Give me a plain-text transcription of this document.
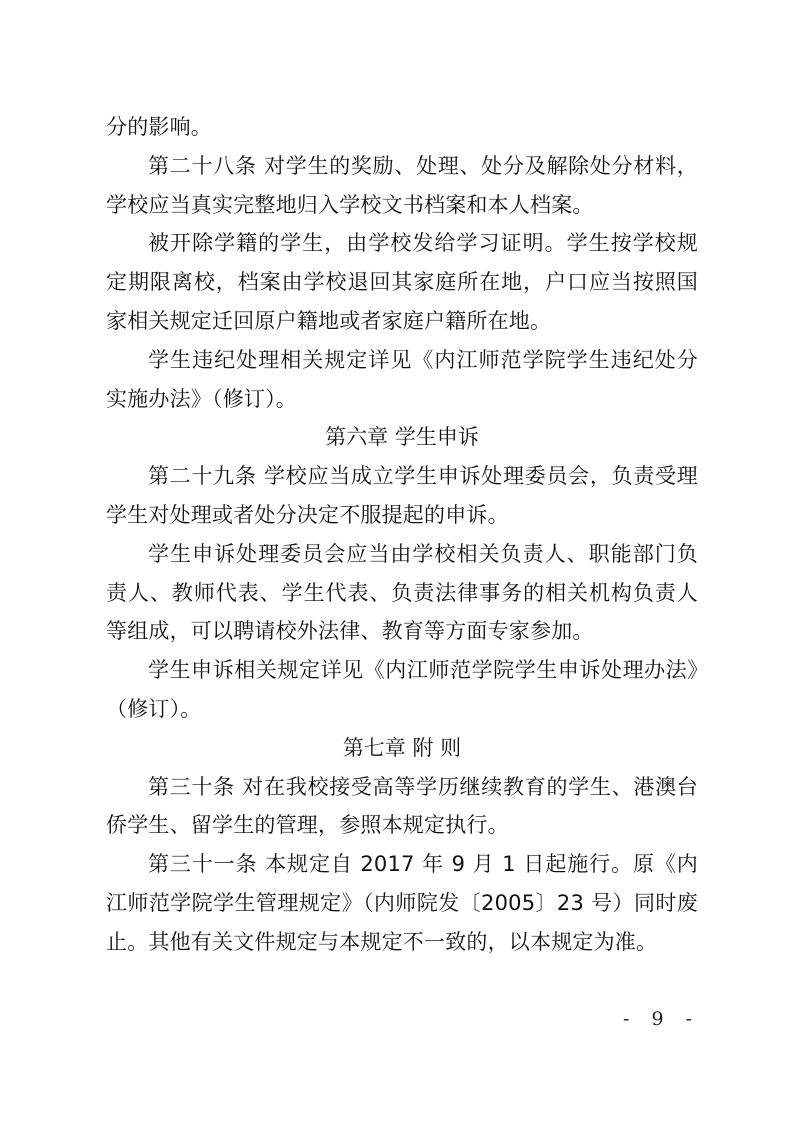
分的影响。

第二十八条 对学生的奖励、处理、处分及解除处分材料，学校应当真实完整地归入学校文书档案和本人档案。

被开除学籍的学生，由学校发给学习证明。学生按学校规定期限离校，档案由学校退回其家庭所在地，户口应当按照国家相关规定迁回原户籍地或者家庭户籍所在地。

学生违纪处理相关规定详见《内江师范学院学生违纪处分实施办法》（修订）。

第六章 学生申诉

第二十九条 学校应当成立学生申诉处理委员会，负责受理学生对处理或者处分决定不服提起的申诉。

学生申诉处理委员会应当由学校相关负责人、职能部门负责人、教师代表、学生代表、负责法律事务的相关机构负责人等组成，可以聘请校外法律、教育等方面专家参加。

学生申诉相关规定详见《内江师范学院学生申诉处理办法》（修订）。

第七章 附 则

第三十条 对在我校接受高等学历继续教育的学生、港澳台侨学生、留学生的管理，参照本规定执行。

第三十一条 本规定自 2017 年 9 月 1 日起施行。原《内江师范学院学生管理规定》（内师院发〔2005〕23 号）同时废止。其他有关文件规定与本规定不一致的，以本规定为准。

- 9 -
